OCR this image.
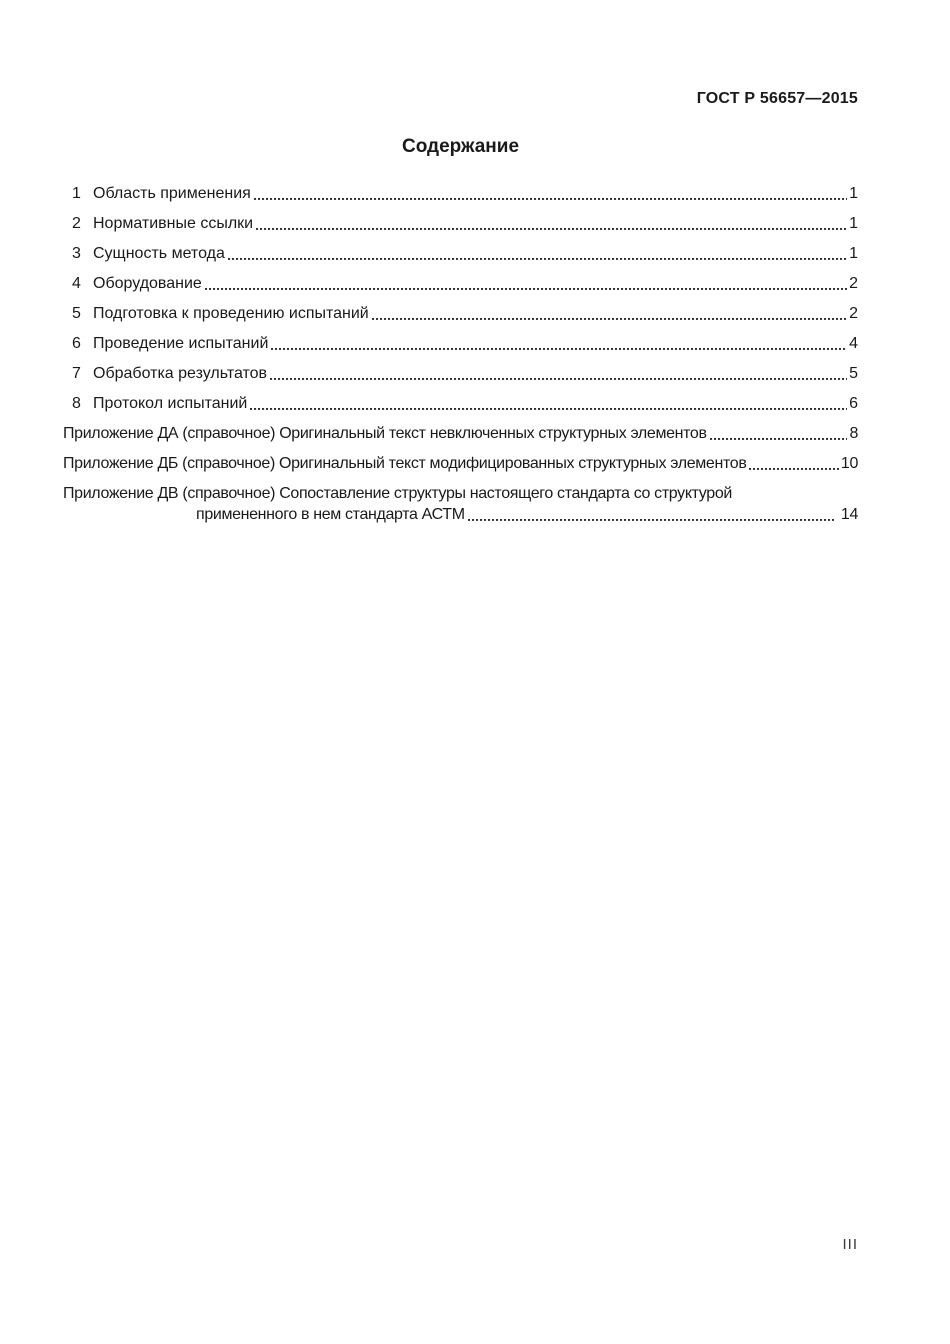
ГОСТ Р 56657—2015
Содержание
1 Область применения	1
2 Нормативные ссылки	1
3 Сущность метода	1
4 Оборудование	2
5 Подготовка к проведению испытаний	2
6 Проведение испытаний	4
7 Обработка результатов	5
8 Протокол испытаний	6
Приложение ДА (справочное) Оригинальный текст невключенных структурных элементов	8
Приложение ДБ (справочное) Оригинальный текст модифицированных структурных элементов	10
Приложение ДВ (справочное) Сопоставление структуры настоящего стандарта со структурой
примененного в нем стандарта АСТМ	14
III
